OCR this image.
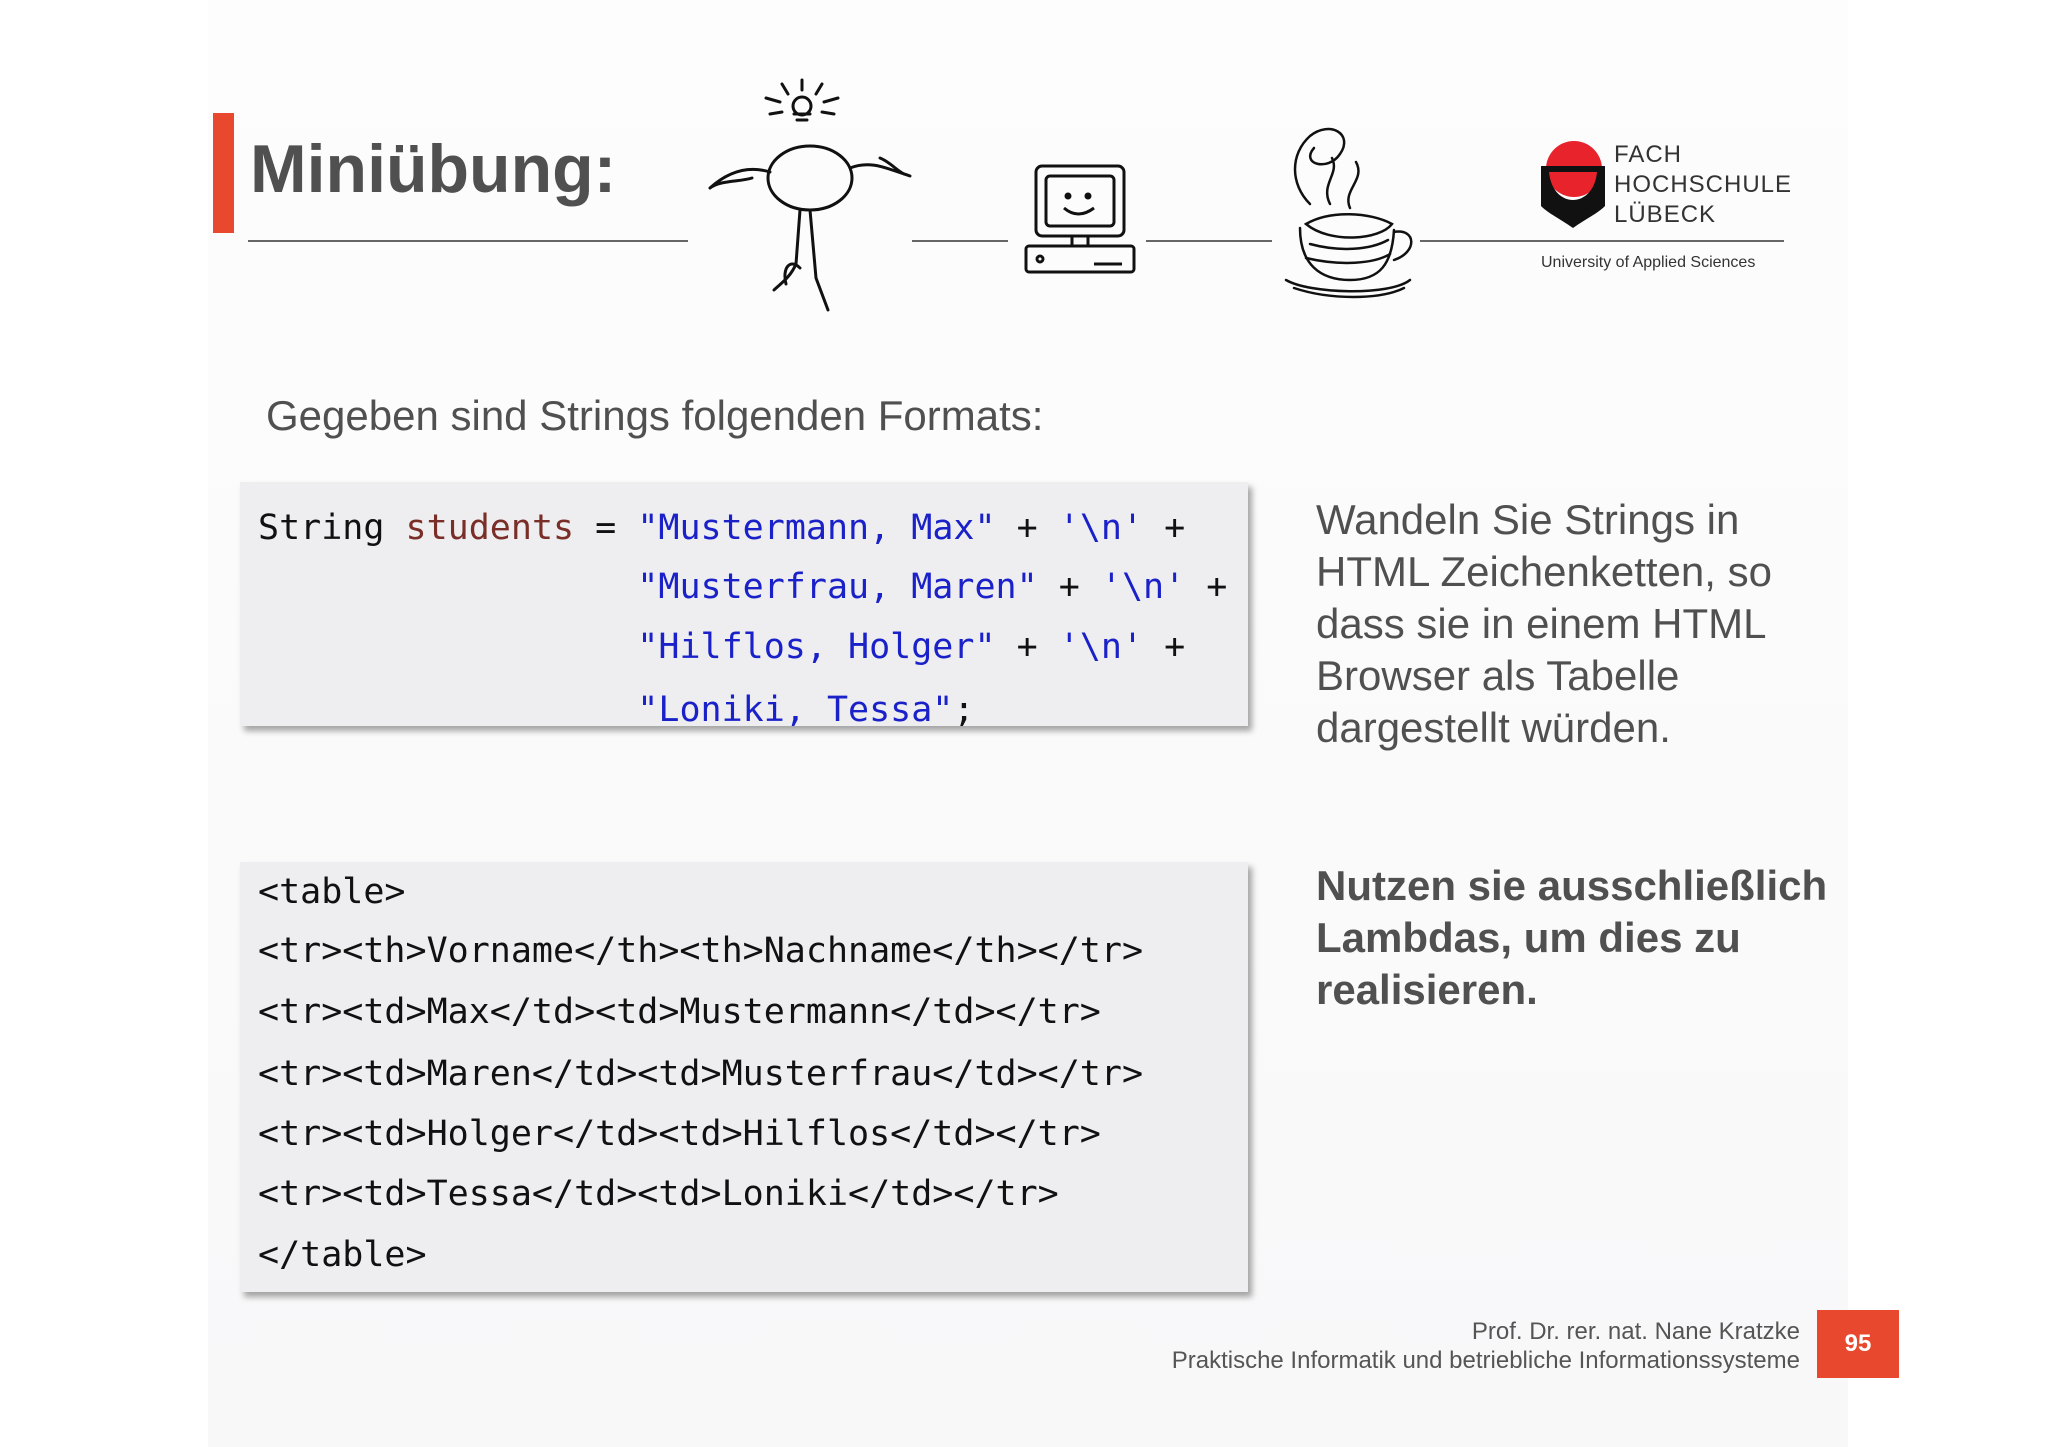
Miniübung:	FACH
HOCHSCHULE
LÜBECK
University of Applied Sciences
Gegeben sind Strings folgenden Formats:
String students = "Mustermann, Max" + '\n' +
"Musterfrau, Maren" + '\n' +
"Hilflos, Holger" + '\n' +
"Loniki, Tessa";
Wandeln Sie Strings in HTML Zeichenketten, so dass sie in einem HTML Browser als Tabelle dargestellt würden.
<table>
<tr><th>Vorname</th><th>Nachname</th></tr>
<tr><td>Max</td><td>Mustermann</td></tr>
<tr><td>Maren</td><td>Musterfrau</td></tr>
<tr><td>Holger</td><td>Hilflos</td></tr>
<tr><td>Tessa</td><td>Loniki</td></tr>
</table>
Nutzen sie ausschließlich Lambdas, um dies zu realisieren.
Prof. Dr. rer. nat. Nane Kratzke
Praktische Informatik und betriebliche Informationssysteme
95
